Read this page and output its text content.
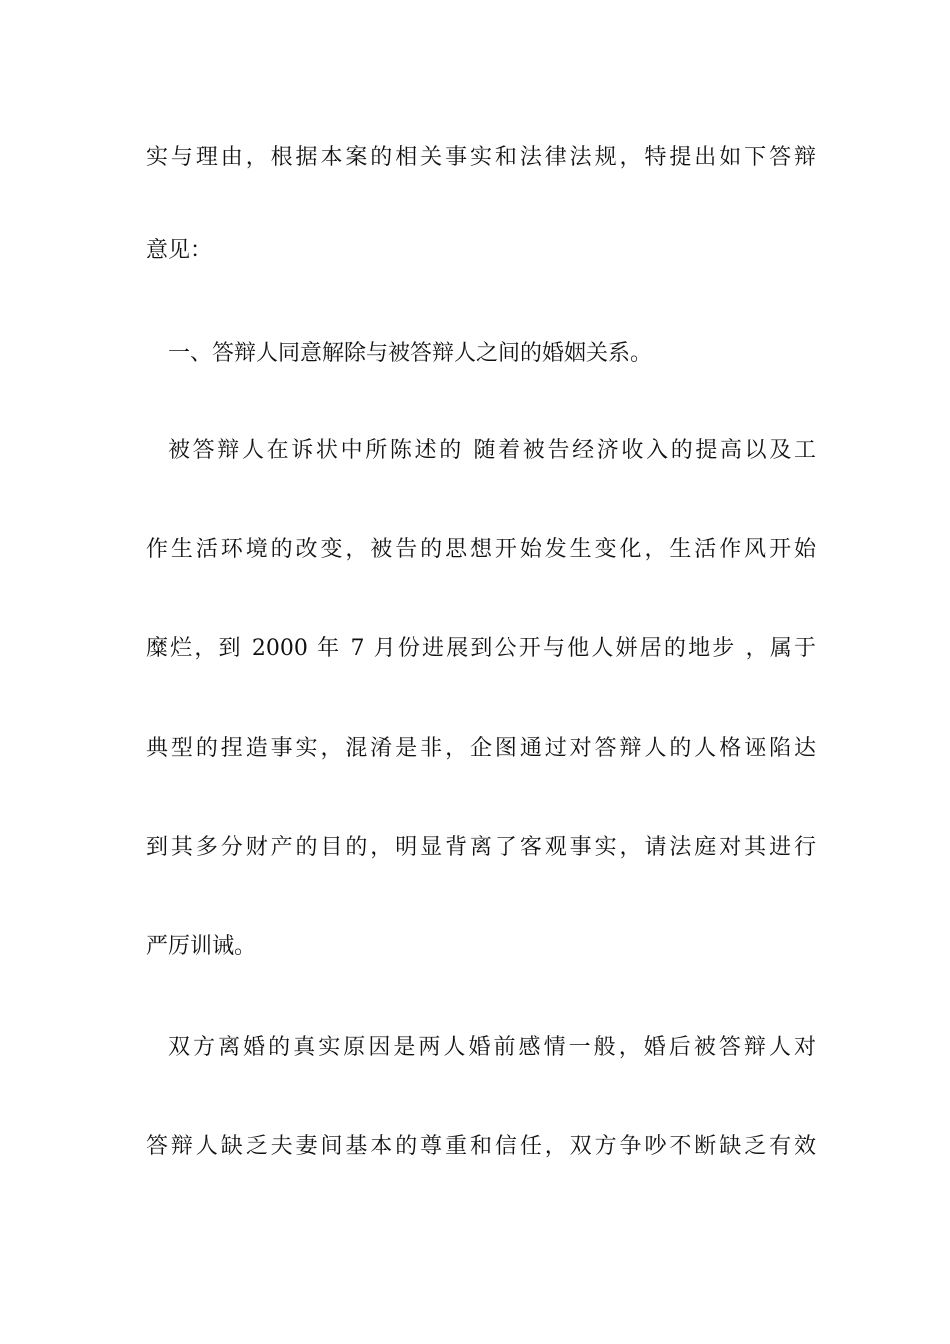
实与理由，根据本案的相关事实和法律法规，特提出如下答辩
意见：
一、答辩人同意解除与被答辩人之间的婚姻关系。
被答辩人在诉状中所陈述的 随着被告经济收入的提高以及工
作生活环境的改变，被告的思想开始发生变化，生活作风开始
糜烂，到 2000 年 7 月份进展到公开与他人姘居的地步 ，属于
典型的捏造事实，混淆是非，企图通过对答辩人的人格诬陷达
到其多分财产的目的，明显背离了客观事实，请法庭对其进行
严厉训诫。
双方离婚的真实原因是两人婚前感情一般，婚后被答辩人对
答辩人缺乏夫妻间基本的尊重和信任，双方争吵不断缺乏有效
